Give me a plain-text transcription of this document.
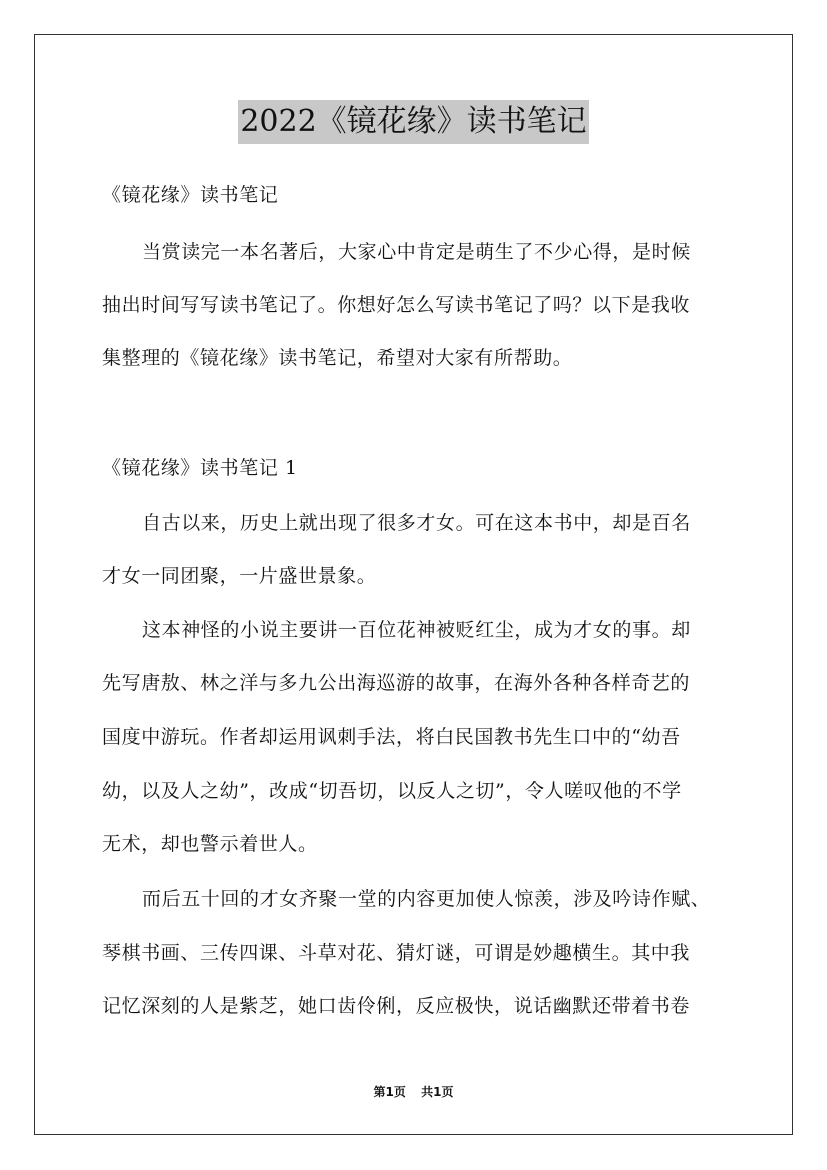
2022《镜花缘》读书笔记
《镜花缘》读书笔记
当赏读完一本名著后，大家心中肯定是萌生了不少心得，是时候
抽出时间写写读书笔记了。你想好怎么写读书笔记了吗？以下是我收
集整理的《镜花缘》读书笔记，希望对大家有所帮助。
《镜花缘》读书笔记 1
自古以来，历史上就出现了很多才女。可在这本书中，却是百名
才女一同团聚，一片盛世景象。
这本神怪的小说主要讲一百位花神被贬红尘，成为才女的事。却
先写唐敖、林之洋与多九公出海巡游的故事，在海外各种各样奇艺的
国度中游玩。作者却运用讽刺手法，将白民国教书先生口中的“幼吾
幼，以及人之幼”，改成“切吾切，以反人之切”，令人嗟叹他的不学
无术，却也警示着世人。
而后五十回的才女齐聚一堂的内容更加使人惊羡，涉及吟诗作赋、
琴棋书画、三传四课、斗草对花、猜灯谜，可谓是妙趣横生。其中我
记忆深刻的人是紫芝，她口齿伶俐，反应极快，说话幽默还带着书卷
第1页 共1页
